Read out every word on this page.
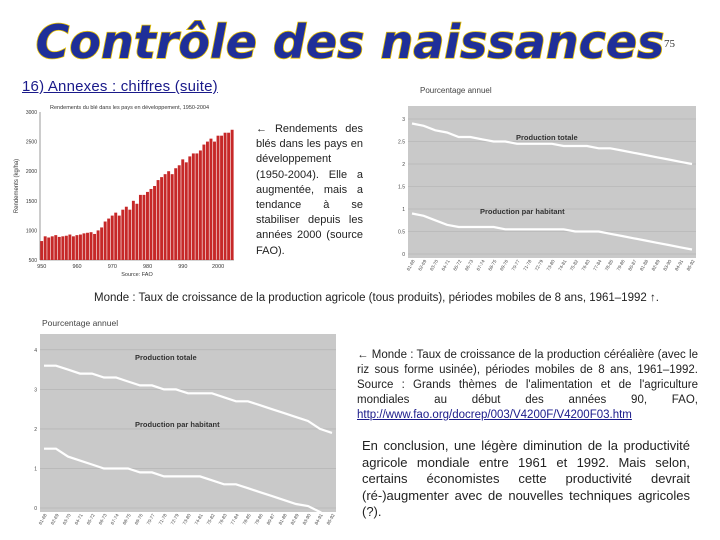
Contrôle des naissances 75
16) Annexes : chiffres (suite)
Rendements du blé dans les pays en développement, 1950-2004
Rendements (kg/ha)
500
1000
1500
2000
2500
3000
950	960	970	980	990	2000
Source: FAO
← Rendements des blés dans les pays en développement (1950-2004). Elle a augmentée, mais a tendance à se stabiliser depuis les années 2000 (source FAO).
Pourcentage annuel
0
0.5
1
1.5
2
2.5
3
Production totale
Production par habitant
61-68 62-69 63-70 64-71 65-72 66-73 67-74 68-75 69-76 70-77 71-78 72-79 73-80 74-81 75-82 76-83 77-84 78-85 79-86 80-87 81-88 82-89 83-90 84-91 85-92
Monde : Taux de croissance de la production agricole (tous produits), périodes mobiles de 8 ans, 1961–1992 ↑.
Pourcentage annuel
0
1
2
3
4
Production totale
Production par habitant
61-68 62-69 63-70 64-71 65-72 66-73 67-74 68-75 69-76 70-77 71-78 72-79 73-80 74-81 75-82 76-83 77-84 78-85 79-86 80-87 81-88 82-89 83-90 84-91 85-92
← Monde : Taux de croissance de la production céréalière (avec le riz sous forme usinée), périodes mobiles de 8 ans, 1961–1992. Source : Grands thèmes de l'alimentation et de l'agriculture mondiales au début des années 90, FAO, http://www.fao.org/docrep/003/V4200F/V4200F03.htm
En conclusion, une légère diminution de la productivité agricole mondiale entre 1961 et 1992. Mais selon, certains économistes cette productivité devrait (ré-)augmenter avec de nouvelles techniques agricoles (?).
